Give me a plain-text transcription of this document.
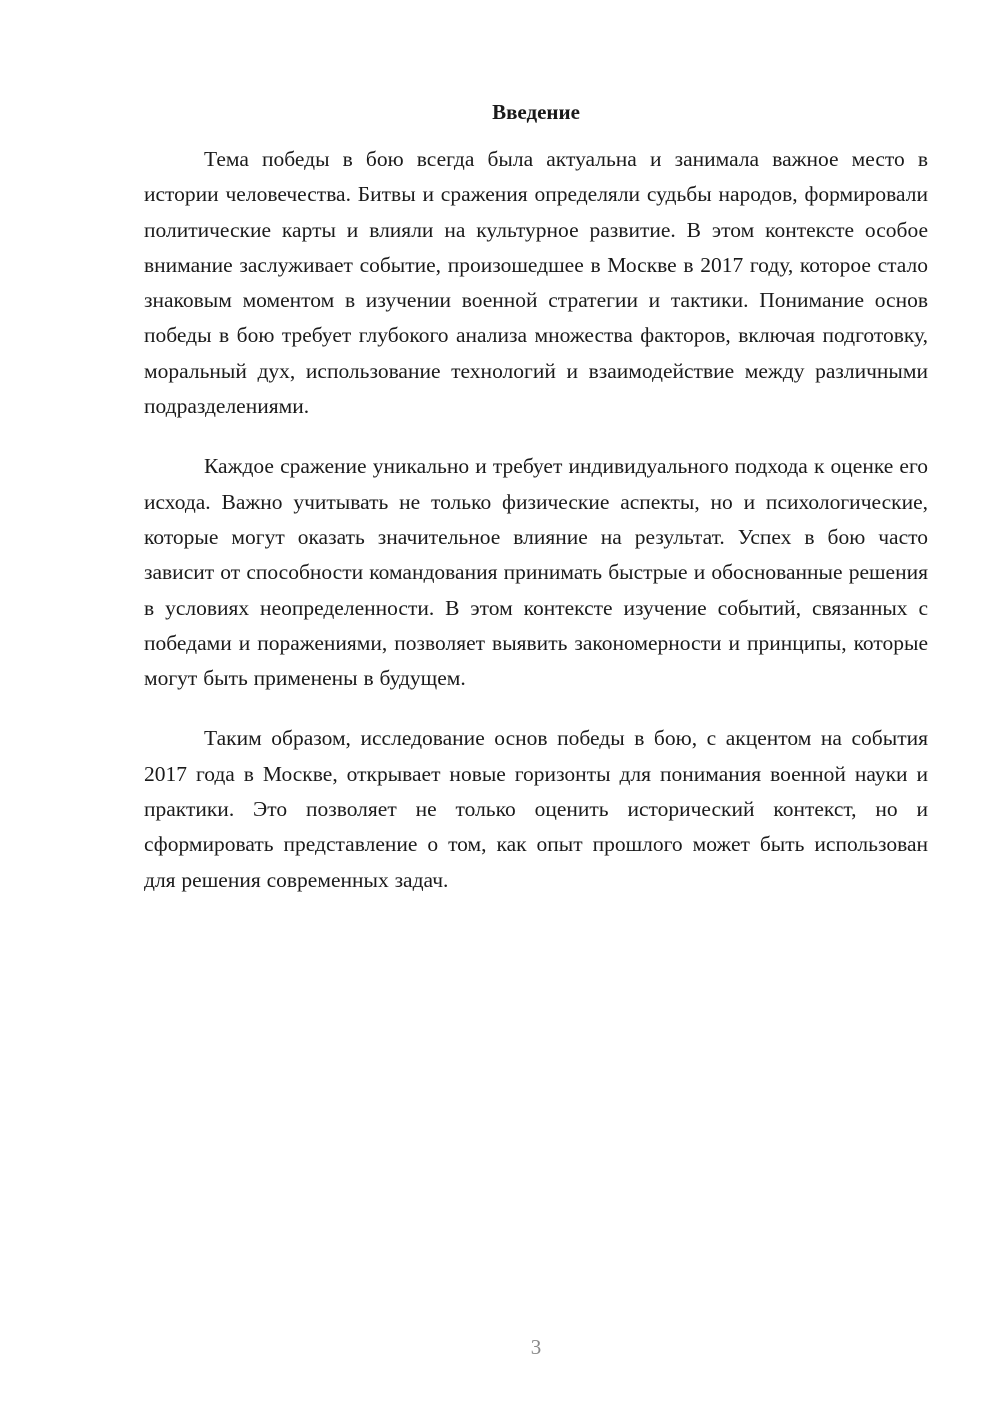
Введение

Тема победы в бою всегда была актуальна и занимала важное место в истории человечества. Битвы и сражения определяли судьбы народов, формировали политические карты и влияли на культурное развитие. В этом контексте особое внимание заслуживает событие, произошедшее в Москве в 2017 году, которое стало знаковым моментом в изучении военной стратегии и тактики. Понимание основ победы в бою требует глубокого анализа множества факторов, включая подготовку, моральный дух, использование технологий и взаимодействие между различными подразделениями.

Каждое сражение уникально и требует индивидуального подхода к оценке его исхода. Важно учитывать не только физические аспекты, но и психологические, которые могут оказать значительное влияние на результат. Успех в бою часто зависит от способности командования принимать быстрые и обоснованные решения в условиях неопределенности. В этом контексте изучение событий, связанных с победами и поражениями, позволяет выявить закономерности и принципы, которые могут быть применены в будущем.

Таким образом, исследование основ победы в бою, с акцентом на события 2017 года в Москве, открывает новые горизонты для понимания военной науки и практики. Это позволяет не только оценить исторический контекст, но и сформировать представление о том, как опыт прошлого может быть использован для решения современных задач.

3
